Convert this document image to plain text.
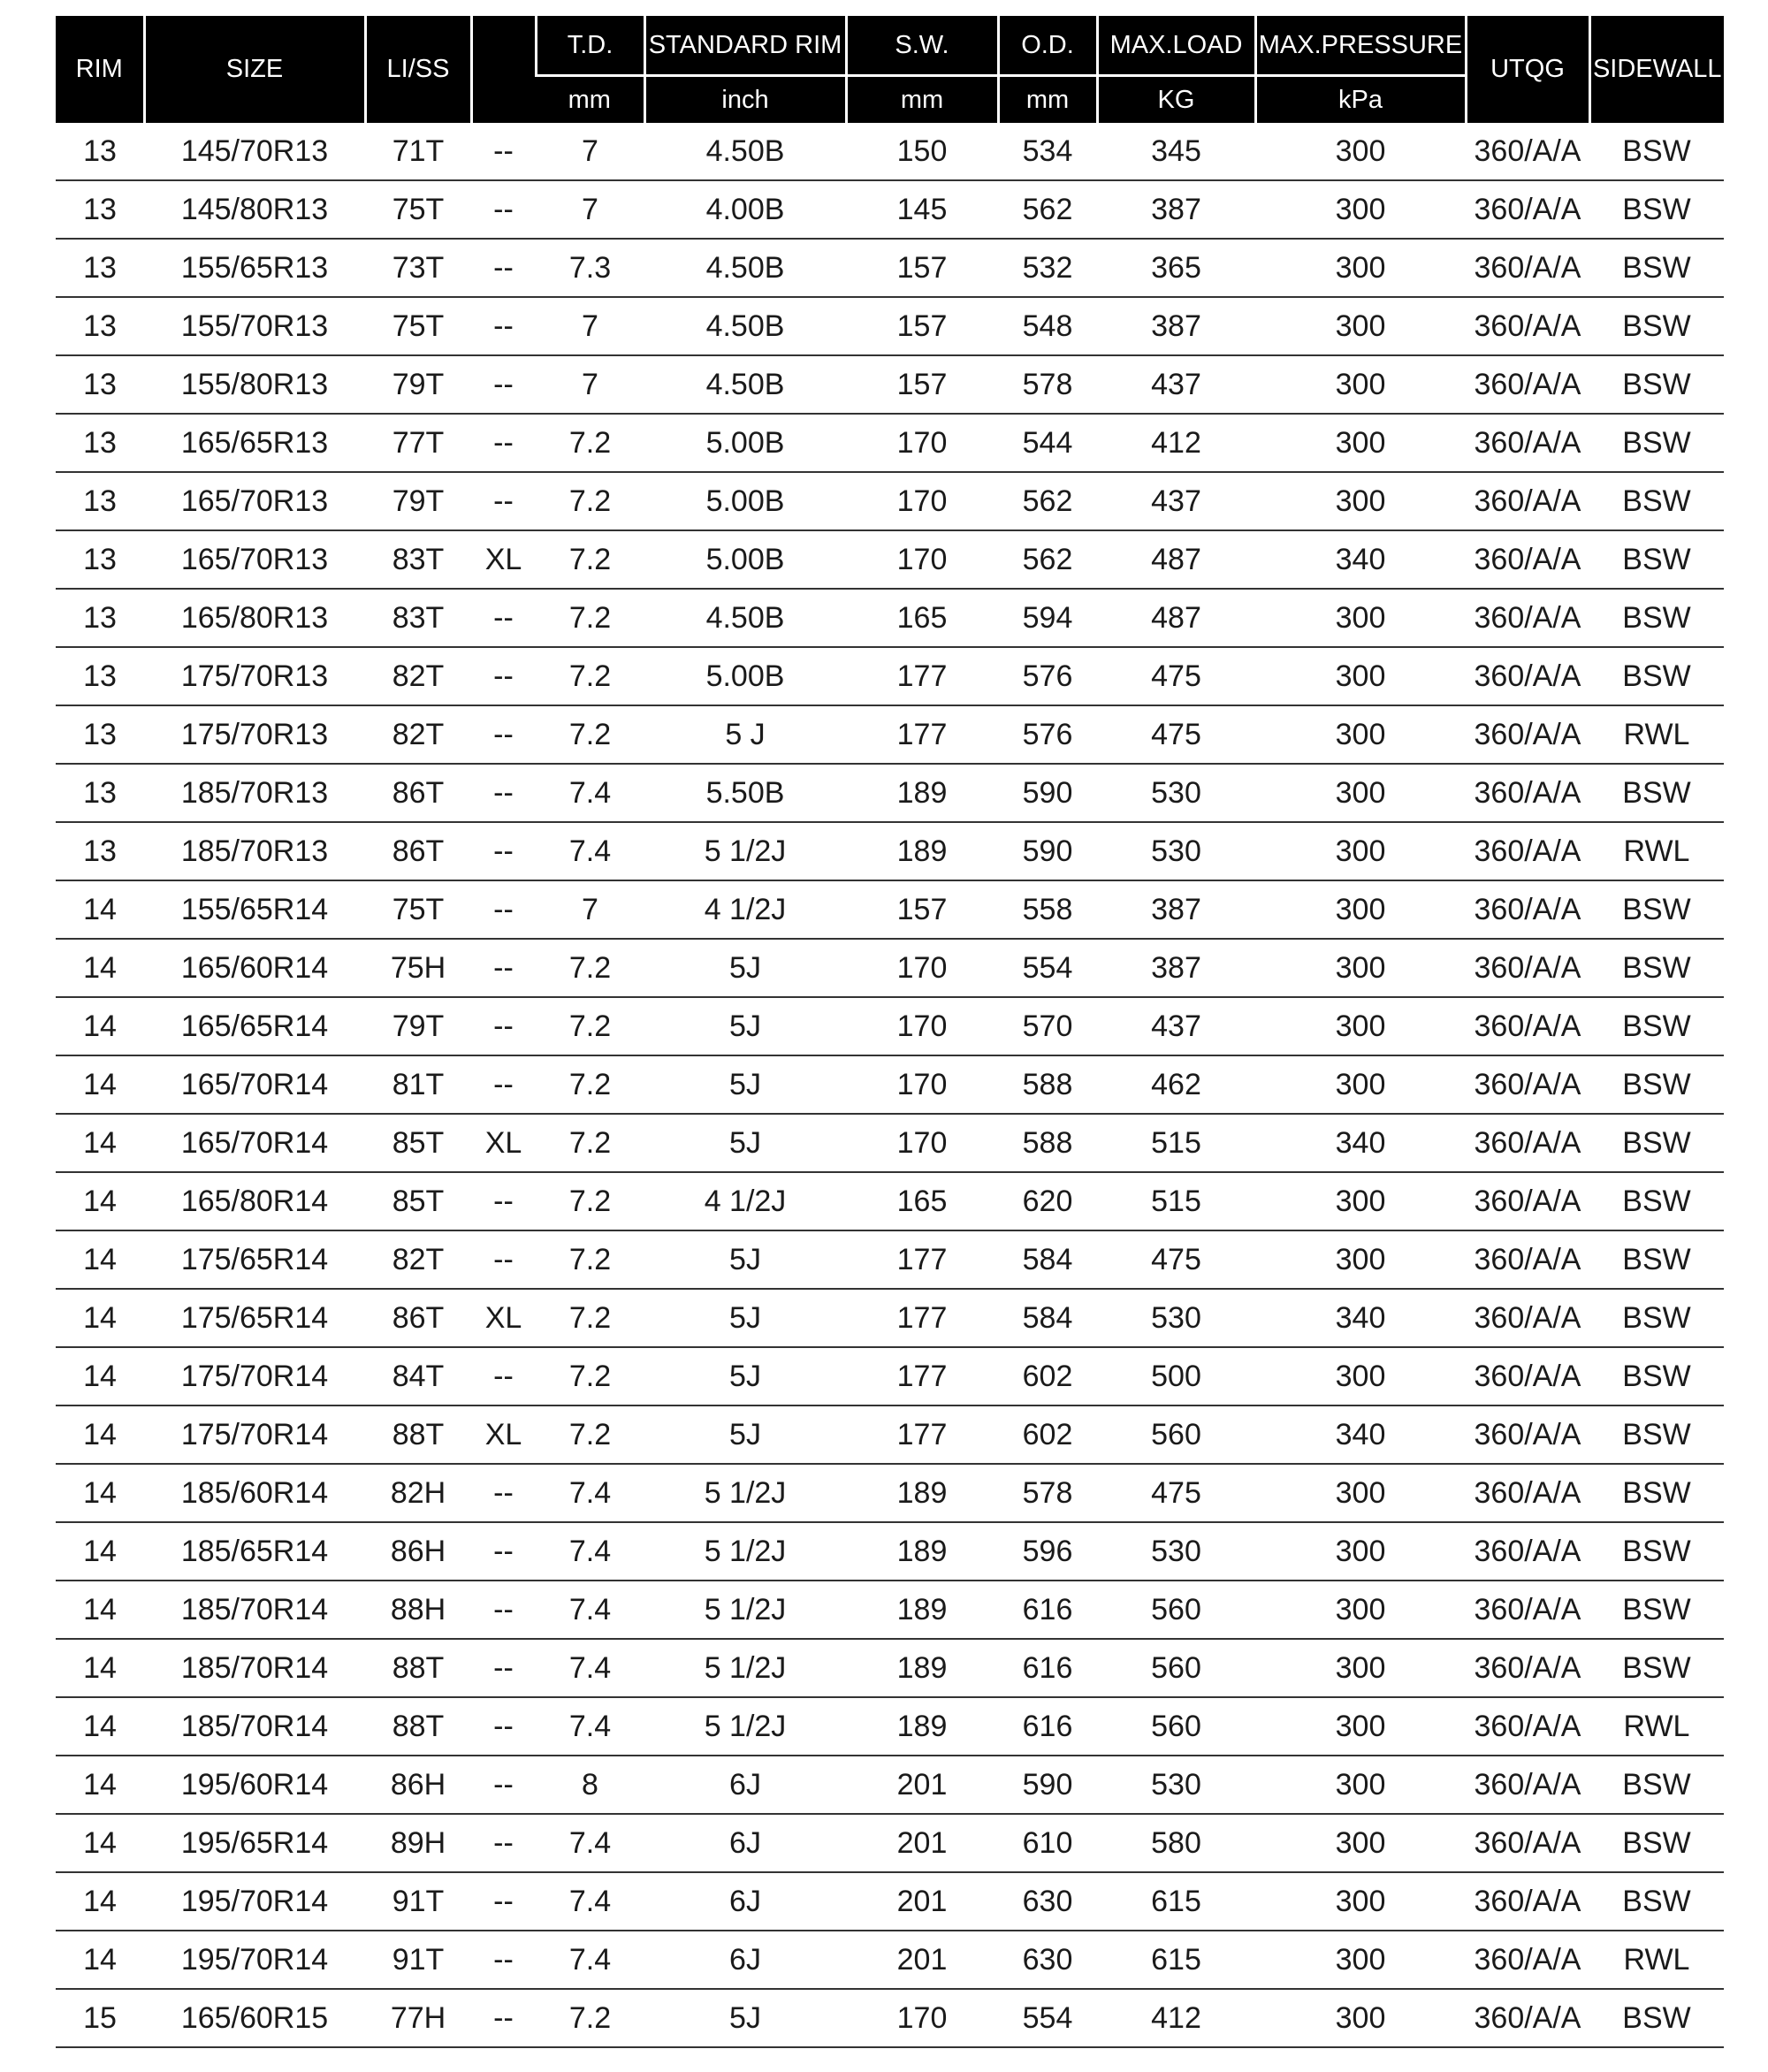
RIM	SIZE	LI/SS		T.D.	STANDARD RIM	S.W.	O.D.	MAX.LOAD	MAX.PRESSURE	UTQG	SIDEWALL
				mm	inch	mm	mm	KG	kPa		
13	145/70R13	71T	--	7	4.50B	150	534	345	300	360/A/A	BSW
13	145/80R13	75T	--	7	4.00B	145	562	387	300	360/A/A	BSW
13	155/65R13	73T	--	7.3	4.50B	157	532	365	300	360/A/A	BSW
13	155/70R13	75T	--	7	4.50B	157	548	387	300	360/A/A	BSW
13	155/80R13	79T	--	7	4.50B	157	578	437	300	360/A/A	BSW
13	165/65R13	77T	--	7.2	5.00B	170	544	412	300	360/A/A	BSW
13	165/70R13	79T	--	7.2	5.00B	170	562	437	300	360/A/A	BSW
13	165/70R13	83T	XL	7.2	5.00B	170	562	487	340	360/A/A	BSW
13	165/80R13	83T	--	7.2	4.50B	165	594	487	300	360/A/A	BSW
13	175/70R13	82T	--	7.2	5.00B	177	576	475	300	360/A/A	BSW
13	175/70R13	82T	--	7.2	5 J	177	576	475	300	360/A/A	RWL
13	185/70R13	86T	--	7.4	5.50B	189	590	530	300	360/A/A	BSW
13	185/70R13	86T	--	7.4	5 1/2J	189	590	530	300	360/A/A	RWL
14	155/65R14	75T	--	7	4 1/2J	157	558	387	300	360/A/A	BSW
14	165/60R14	75H	--	7.2	5J	170	554	387	300	360/A/A	BSW
14	165/65R14	79T	--	7.2	5J	170	570	437	300	360/A/A	BSW
14	165/70R14	81T	--	7.2	5J	170	588	462	300	360/A/A	BSW
14	165/70R14	85T	XL	7.2	5J	170	588	515	340	360/A/A	BSW
14	165/80R14	85T	--	7.2	4 1/2J	165	620	515	300	360/A/A	BSW
14	175/65R14	82T	--	7.2	5J	177	584	475	300	360/A/A	BSW
14	175/65R14	86T	XL	7.2	5J	177	584	530	340	360/A/A	BSW
14	175/70R14	84T	--	7.2	5J	177	602	500	300	360/A/A	BSW
14	175/70R14	88T	XL	7.2	5J	177	602	560	340	360/A/A	BSW
14	185/60R14	82H	--	7.4	5 1/2J	189	578	475	300	360/A/A	BSW
14	185/65R14	86H	--	7.4	5 1/2J	189	596	530	300	360/A/A	BSW
14	185/70R14	88H	--	7.4	5 1/2J	189	616	560	300	360/A/A	BSW
14	185/70R14	88T	--	7.4	5 1/2J	189	616	560	300	360/A/A	BSW
14	185/70R14	88T	--	7.4	5 1/2J	189	616	560	300	360/A/A	RWL
14	195/60R14	86H	--	8	6J	201	590	530	300	360/A/A	BSW
14	195/65R14	89H	--	7.4	6J	201	610	580	300	360/A/A	BSW
14	195/70R14	91T	--	7.4	6J	201	630	615	300	360/A/A	BSW
14	195/70R14	91T	--	7.4	6J	201	630	615	300	360/A/A	RWL
15	165/60R15	77H	--	7.2	5J	170	554	412	300	360/A/A	BSW
